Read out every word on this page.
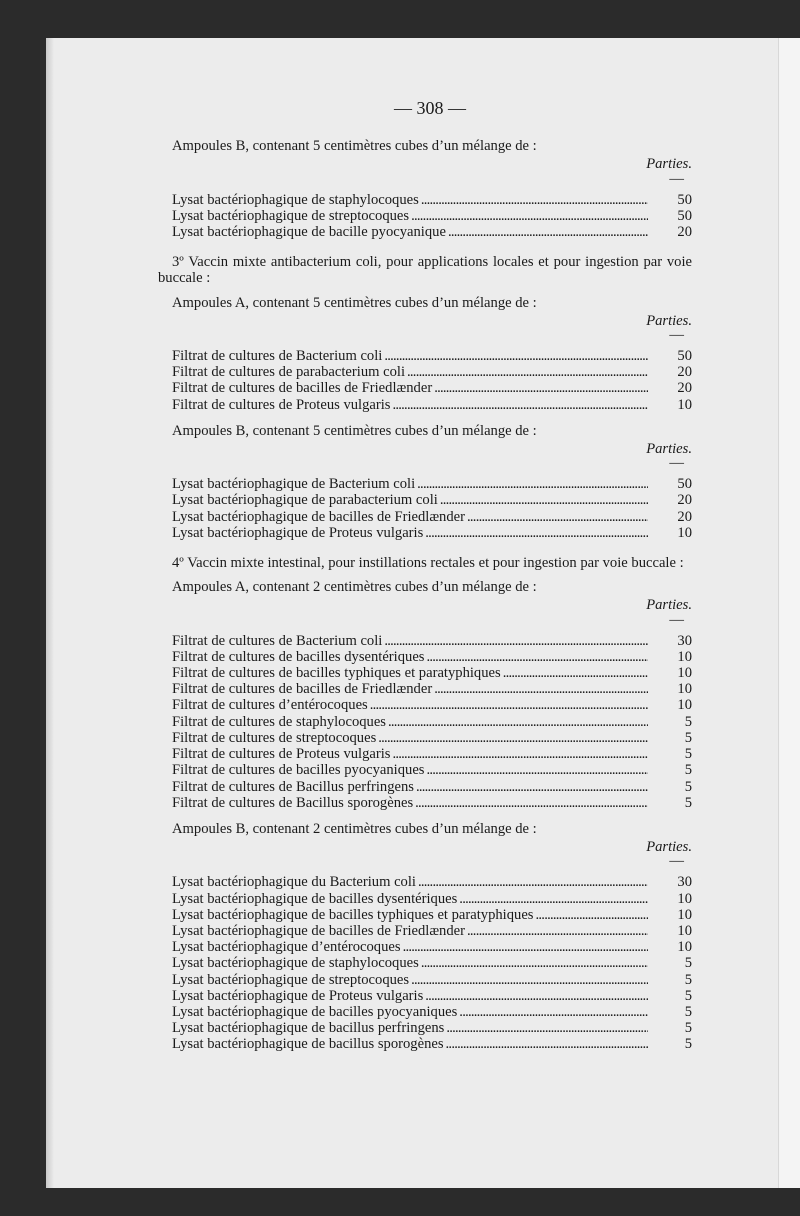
— 308 —
Ampoules B, contenant 5 centimètres cubes d’un mélange de :
Parties.
—
Lysat bactériophagique de staphylocoques . . .	50
Lysat bactériophagique de streptocoques . . .	50
Lysat bactériophagique de bacille pyocyanique . . .	20
3º Vaccin mixte antibacterium coli, pour applications locales et pour ingestion par voie buccale :
Ampoules A, contenant 5 centimètres cubes d’un mélange de :
Parties.
—
Filtrat de cultures de Bacterium coli . . .	50
Filtrat de cultures de parabacterium coli . . .	20
Filtrat de cultures de bacilles de Friedlænder . . .	20
Filtrat de cultures de Proteus vulgaris . . .	10
Ampoules B, contenant 5 centimètres cubes d’un mélange de :
Parties.
—
Lysat bactériophagique de Bacterium coli . . .	50
Lysat bactériophagique de parabacterium coli . . .	20
Lysat bactériophagique de bacilles de Friedlænder . . .	20
Lysat bactériophagique de Proteus vulgaris . . .	10
4º Vaccin mixte intestinal, pour instillations rectales et pour ingestion par voie buccale :
Ampoules A, contenant 2 centimètres cubes d’un mélange de :
Parties.
—
Filtrat de cultures de Bacterium coli . . .	30
Filtrat de cultures de bacilles dysentériques . . .	10
Filtrat de cultures de bacilles typhiques et paratyphiques . . .	10
Filtrat de cultures de bacilles de Friedlænder . . .	10
Filtrat de cultures d’entérocoques . . .	10
Filtrat de cultures de staphylocoques . . .	5
Filtrat de cultures de streptocoques . . .	5
Filtrat de cultures de Proteus vulgaris . . .	5
Filtrat de cultures de bacilles pyocyaniques . . .	5
Filtrat de cultures de Bacillus perfringens . . .	5
Filtrat de cultures de Bacillus sporogènes . . .	5
Ampoules B, contenant 2 centimètres cubes d’un mélange de :
Parties.
—
Lysat bactériophagique du Bacterium coli . . .	30
Lysat bactériophagique de bacilles dysentériques . . .	10
Lysat bactériophagique de bacilles typhiques et paratyphiques . . .	10
Lysat bactériophagique de bacilles de Friedlænder . . .	10
Lysat bactériophagique d’entérocoques . . .	10
Lysat bactériophagique de staphylocoques . . .	5
Lysat bactériophagique de streptocoques . . .	5
Lysat bactériophagique de Proteus vulgaris . . .	5
Lysat bactériophagique de bacilles pyocyaniques . . .	5
Lysat bactériophagique de bacillus perfringens . . .	5
Lysat bactériophagique de bacillus sporogènes . . .	5
